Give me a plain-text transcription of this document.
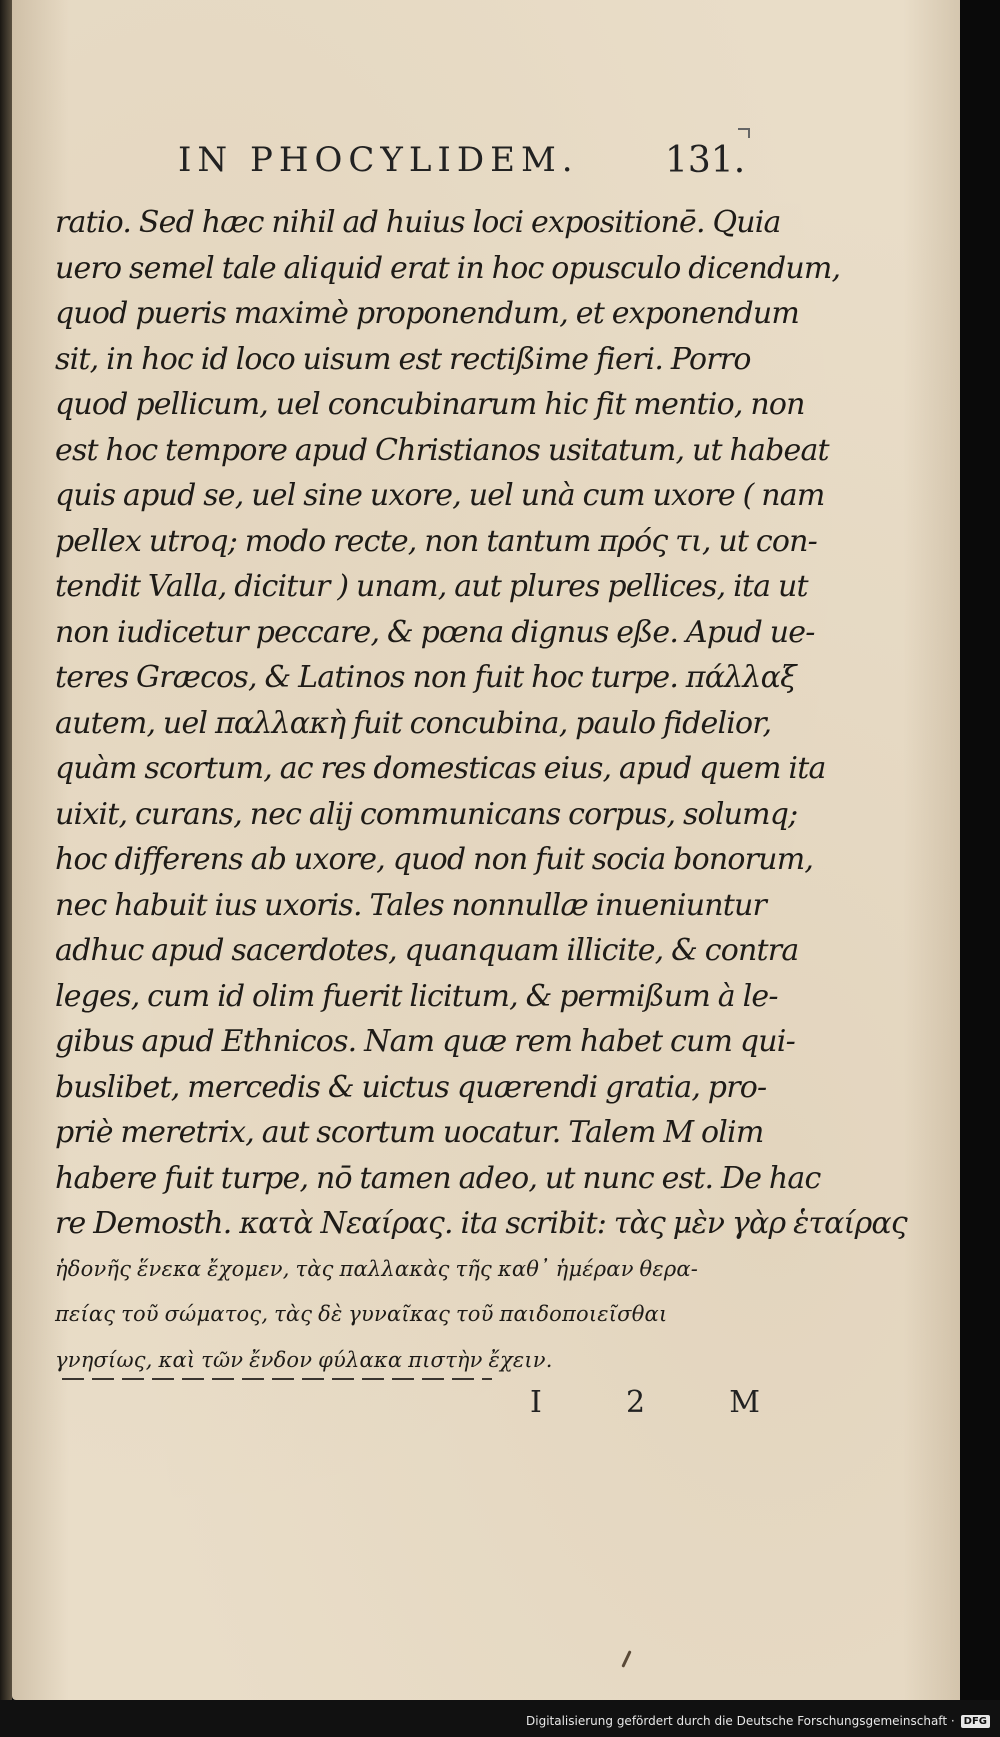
IN PHOCYLIDEM.	131.
ratio. Sed hæc nihil ad huius loci expositionē. Quia
uero semel tale aliquid erat in hoc opusculo dicendum,
quod pueris maximè proponendum, et exponendum
sit, in hoc id loco uisum est rectißime fieri. Porro
quod pellicum, uel concubinarum hic fit mentio, non
est hoc tempore apud Christianos usitatum, ut habeat
quis apud se, uel sine uxore, uel unà cum uxore ( nam
pellex utroq; modo recte, non tantum πρός τι, ut con-
tendit Valla, dicitur ) unam, aut plures pellices, ita ut
non iudicetur peccare, & pœna dignus eße. Apud ue-
teres Græcos, & Latinos non fuit hoc turpe. πάλλαξ
autem, uel παλλακὴ fuit concubina, paulo fidelior,
quàm scortum, ac res domesticas eius, apud quem ita
uixit, curans, nec alij communicans corpus, solumq;
hoc differens ab uxore, quod non fuit socia bonorum,
nec habuit ius uxoris. Tales nonnullæ inueniuntur
adhuc apud sacerdotes, quanquam illicite, & contra
leges, cum id olim fuerit licitum, & permißum à le-
gibus apud Ethnicos. Nam quæ rem habet cum qui-
buslibet, mercedis & uictus quærendi gratia, pro-
priè meretrix, aut scortum uocatur. Talem M olim
habere fuit turpe, nō tamen adeo, ut nunc est. De hac
re Demosth. κατὰ Νεαίρας. ita scribit: τὰς μὲν γὰρ ἑταίρας
ἡδονῆς ἕνεκα ἔχομεν, τὰς παλλακὰς τῆς καθ᾽ ἡμέραν θερα-
πείας τοῦ σώματος, τὰς δὲ γυναῖκας τοῦ παιδοποιεῖσθαι
γνησίως, καὶ τῶν ἔνδον φύλακα πιστὴν ἔχειν.
I	2	M
Digitalisierung gefördert durch die Deutsche Forschungsgemeinschaft · DFG
